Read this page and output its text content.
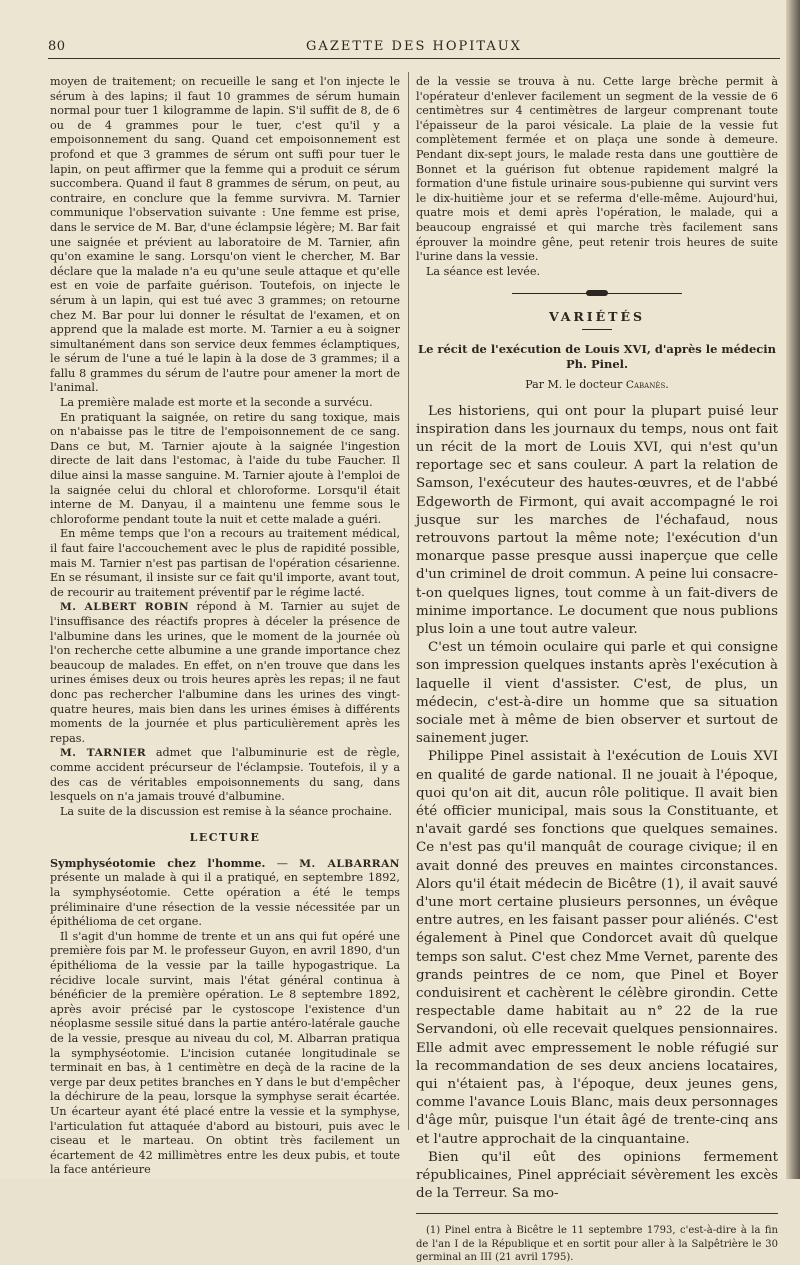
80	GAZETTE DES HOPITAUX

moyen de traitement; on recueille le sang et l'on injecte le sérum à des lapins; il faut 10 grammes de sérum humain normal pour tuer 1 kilogramme de lapin. S'il suffit de 8, de 6 ou de 4 grammes pour le tuer, c'est qu'il y a empoisonnement du sang. Quand cet empoisonnement est profond et que 3 grammes de sérum ont suffi pour tuer le lapin, on peut affirmer que la femme qui a produit ce sérum succombera. Quand il faut 8 grammes de sérum, on peut, au contraire, en conclure que la femme survivra. M. Tarnier communique l'observation suivante : Une femme est prise, dans le service de M. Bar, d'une éclampsie légère; M. Bar fait une saignée et prévient au laboratoire de M. Tarnier, afin qu'on examine le sang. Lorsqu'on vient le chercher, M. Bar déclare que la malade n'a eu qu'une seule attaque et qu'elle est en voie de parfaite guérison. Toutefois, on injecte le sérum à un lapin, qui est tué avec 3 grammes; on retourne chez M. Bar pour lui donner le résultat de l'examen, et on apprend que la malade est morte. M. Tarnier a eu à soigner simultanément dans son service deux femmes éclamptiques, le sérum de l'une a tué le lapin à la dose de 3 grammes; il a fallu 8 grammes du sérum de l'autre pour amener la mort de l'animal.

La première malade est morte et la seconde a survécu.

En pratiquant la saignée, on retire du sang toxique, mais on n'abaisse pas le titre de l'empoisonnement de ce sang. Dans ce but, M. Tarnier ajoute à la saignée l'ingestion directe de lait dans l'estomac, à l'aide du tube Faucher. Il dilue ainsi la masse sanguine. M. Tarnier ajoute à l'emploi de la saignée celui du chloral et chloroforme. Lorsqu'il était interne de M. Danyau, il a maintenu une femme sous le chloroforme pendant toute la nuit et cette malade a guéri.

En même temps que l'on a recours au traitement médical, il faut faire l'accouchement avec le plus de rapidité possible, mais M. Tarnier n'est pas partisan de l'opération césarienne. En se résumant, il insiste sur ce fait qu'il importe, avant tout, de recourir au traitement préventif par le régime lacté.

M. ALBERT ROBIN répond à M. Tarnier au sujet de l'insuffisance des réactifs propres à déceler la présence de l'albumine dans les urines, que le moment de la journée où l'on recherche cette albumine a une grande importance chez beaucoup de malades. En effet, on n'en trouve que dans les urines émises deux ou trois heures après les repas; il ne faut donc pas rechercher l'albumine dans les urines des vingt-quatre heures, mais bien dans les urines émises à différents moments de la journée et plus particulièrement après les repas.

M. TARNIER admet que l'albuminurie est de règle, comme accident précurseur de l'éclampsie. Toutefois, il y a des cas de véritables empoisonnements du sang, dans lesquels on n'a jamais trouvé d'albumine.

La suite de la discussion est remise à la séance prochaine.

LECTURE

Symphyséotomie chez l'homme. — M. ALBARRAN présente un malade à qui il a pratiqué, en septembre 1892, la symphyséotomie. Cette opération a été le temps préliminaire d'une résection de la vessie nécessitée par un épithélioma de cet organe.

Il s'agit d'un homme de trente et un ans qui fut opéré une première fois par M. le professeur Guyon, en avril 1890, d'un épithélioma de la vessie par la taille hypogastrique. La récidive locale survint, mais l'état général continua à bénéficier de la première opération. Le 8 septembre 1892, après avoir précisé par le cystoscope l'existence d'un néoplasme sessile situé dans la partie antéro-latérale gauche de la vessie, presque au niveau du col, M. Albarran pratiqua la symphyséotomie. L'incision cutanée longitudinale se terminait en bas, à 1 centimètre en deçà de la racine de la verge par deux petites branches en Y dans le but d'empêcher la déchirure de la peau, lorsque la symphyse serait écartée. Un écarteur ayant été placé entre la vessie et la symphyse, l'articulation fut attaquée d'abord au bistouri, puis avec le ciseau et le marteau. On obtint très facilement un écartement de 42 millimètres entre les deux pubis, et toute la face antérieure

de la vessie se trouva à nu. Cette large brèche permit à l'opérateur d'enlever facilement un segment de la vessie de 6 centimètres sur 4 centimètres de largeur comprenant toute l'épaisseur de la paroi vésicale. La plaie de la vessie fut complètement fermée et on plaça une sonde à demeure. Pendant dix-sept jours, le malade resta dans une gouttière de Bonnet et la guérison fut obtenue rapidement malgré la formation d'une fistule urinaire sous-pubienne qui survint vers le dix-huitième jour et se referma d'elle-même. Aujourd'hui, quatre mois et demi après l'opération, le malade, qui a beaucoup engraissé et qui marche très facilement sans éprouver la moindre gêne, peut retenir trois heures de suite l'urine dans la vessie.

La séance est levée.

VARIÉTÉS
Le récit de l'exécution de Louis XVI, d'après le médecin
Ph. Pinel.
Par M. le docteur Cabanès.

Les historiens, qui ont pour la plupart puisé leur inspiration dans les journaux du temps, nous ont fait un récit de la mort de Louis XVI, qui n'est qu'un reportage sec et sans couleur. A part la relation de Samson, l'exécuteur des hautes-œuvres, et de l'abbé Edgeworth de Firmont, qui avait accompagné le roi jusque sur les marches de l'échafaud, nous retrouvons partout la même note; l'exécution d'un monarque passe presque aussi inaperçue que celle d'un criminel de droit commun. A peine lui consacre-t-on quelques lignes, tout comme à un fait-divers de minime importance. Le document que nous publions plus loin a une tout autre valeur.

C'est un témoin oculaire qui parle et qui consigne son impression quelques instants après l'exécution à laquelle il vient d'assister. C'est, de plus, un médecin, c'est-à-dire un homme que sa situation sociale met à même de bien observer et surtout de sainement juger.

Philippe Pinel assistait à l'exécution de Louis XVI en qualité de garde national. Il ne jouait à l'époque, quoi qu'on ait dit, aucun rôle politique. Il avait bien été officier municipal, mais sous la Constituante, et n'avait gardé ses fonctions que quelques semaines. Ce n'est pas qu'il manquât de courage civique; il en avait donné des preuves en maintes circonstances. Alors qu'il était médecin de Bicêtre (1), il avait sauvé d'une mort certaine plusieurs personnes, un évêque entre autres, en les faisant passer pour aliénés. C'est également à Pinel que Condorcet avait dû quelque temps son salut. C'est chez Mme Vernet, parente des grands peintres de ce nom, que Pinel et Boyer conduisirent et cachèrent le célèbre girondin. Cette respectable dame habitait au n° 22 de la rue Servandoni, où elle recevait quelques pensionnaires. Elle admit avec empressement le noble réfugié sur la recommandation de ses deux anciens locataires, qui n'étaient pas, à l'époque, deux jeunes gens, comme l'avance Louis Blanc, mais deux personnages d'âge mûr, puisque l'un était âgé de trente-cinq ans et l'autre approchait de la cinquantaine.

Bien qu'il eût des opinions fermement républicaines, Pinel appréciait sévèrement les excès de la Terreur. Sa mo-

(1) Pinel entra à Bicêtre le 11 septembre 1793, c'est-à-dire à la fin de l'an I de la République et en sortit pour aller à la Salpêtrière le 30 germinal an III (21 avril 1795).
